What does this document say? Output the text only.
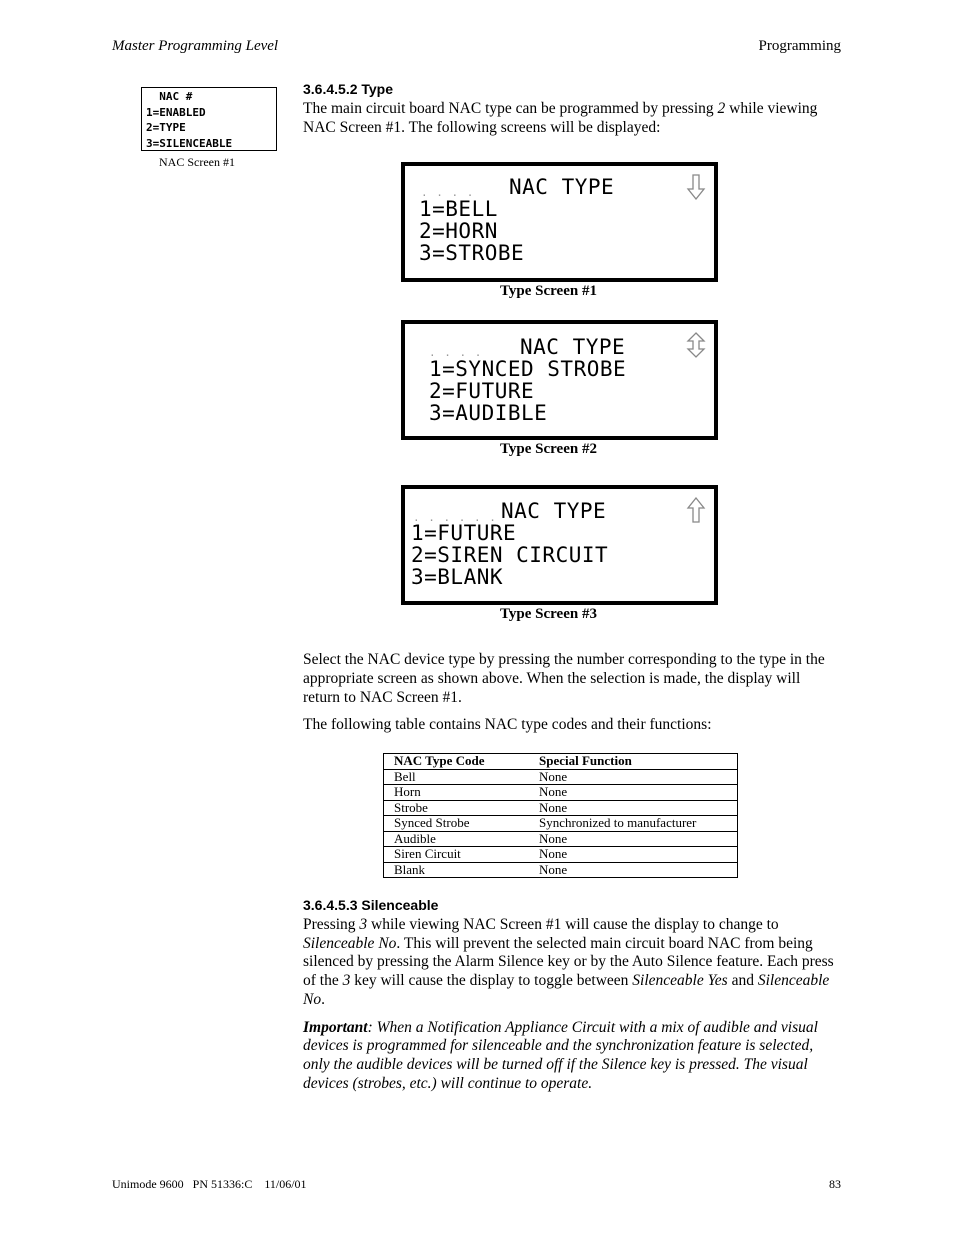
Master Programming Level	Programming
NAC #
1=ENABLED
2=TYPE
3=SILENCEABLE
NAC Screen #1
3.6.4.5.2 Type
The main circuit board NAC type can be programmed by pressing 2 while viewing
NAC Screen #1. The following screens will be displayed:
. . . . NAC TYPE
1=BELL
2=HORN
3=STROBE
Type Screen #1
. . . . NAC TYPE
1=SYNCED STROBE
2=FUTURE
3=AUDIBLE
Type Screen #2
. . . . . . NAC TYPE
1=FUTURE
2=SIREN CIRCUIT
3=BLANK
Type Screen #3
Select the NAC device type by pressing the number corresponding to the type in the
appropriate screen as shown above. When the selection is made, the display will
return to NAC Screen #1.
The following table contains NAC type codes and their functions:
NAC Type Code	Special Function
Bell	None
Horn	None
Strobe	None
Synced Strobe	Synchronized to manufacturer
Audible	None
Siren Circuit	None
Blank	None
3.6.4.5.3 Silenceable
Pressing 3 while viewing NAC Screen #1 will cause the display to change to
Silenceable No. This will prevent the selected main circuit board NAC from being
silenced by pressing the Alarm Silence key or by the Auto Silence feature. Each press
of the 3 key will cause the display to toggle between Silenceable Yes and Silenceable
No.
Important: When a Notification Appliance Circuit with a mix of audible and visual
devices is programmed for silenceable and the synchronization feature is selected,
only the audible devices will be turned off if the Silence key is pressed. The visual
devices (strobes, etc.) will continue to operate.
Unimode 9600   PN 51336:C    11/06/01	83
